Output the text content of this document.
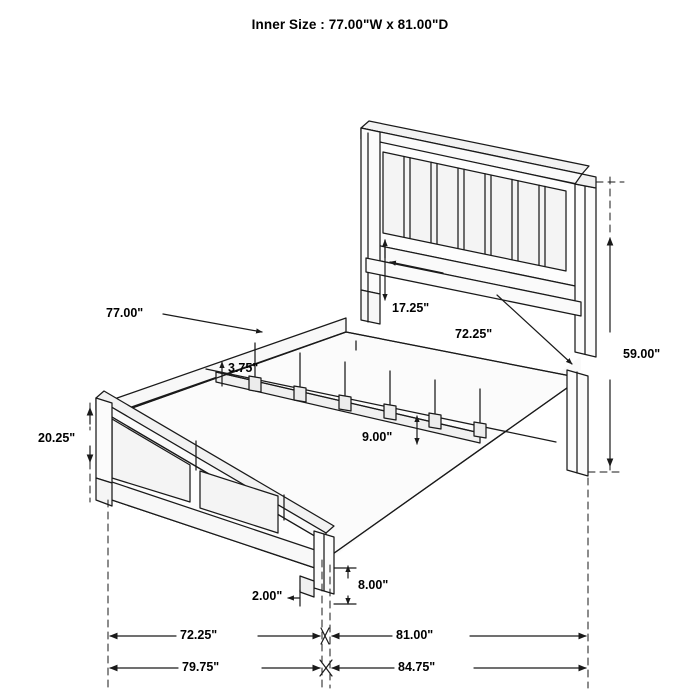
Inner Size : 77.00"W x 81.00"D
77.00"	17.25"
72.25"
59.00"
3.75"
9.00"
20.25"
8.00"
2.00"
72.25"	81.00"
79.75"	84.75"
